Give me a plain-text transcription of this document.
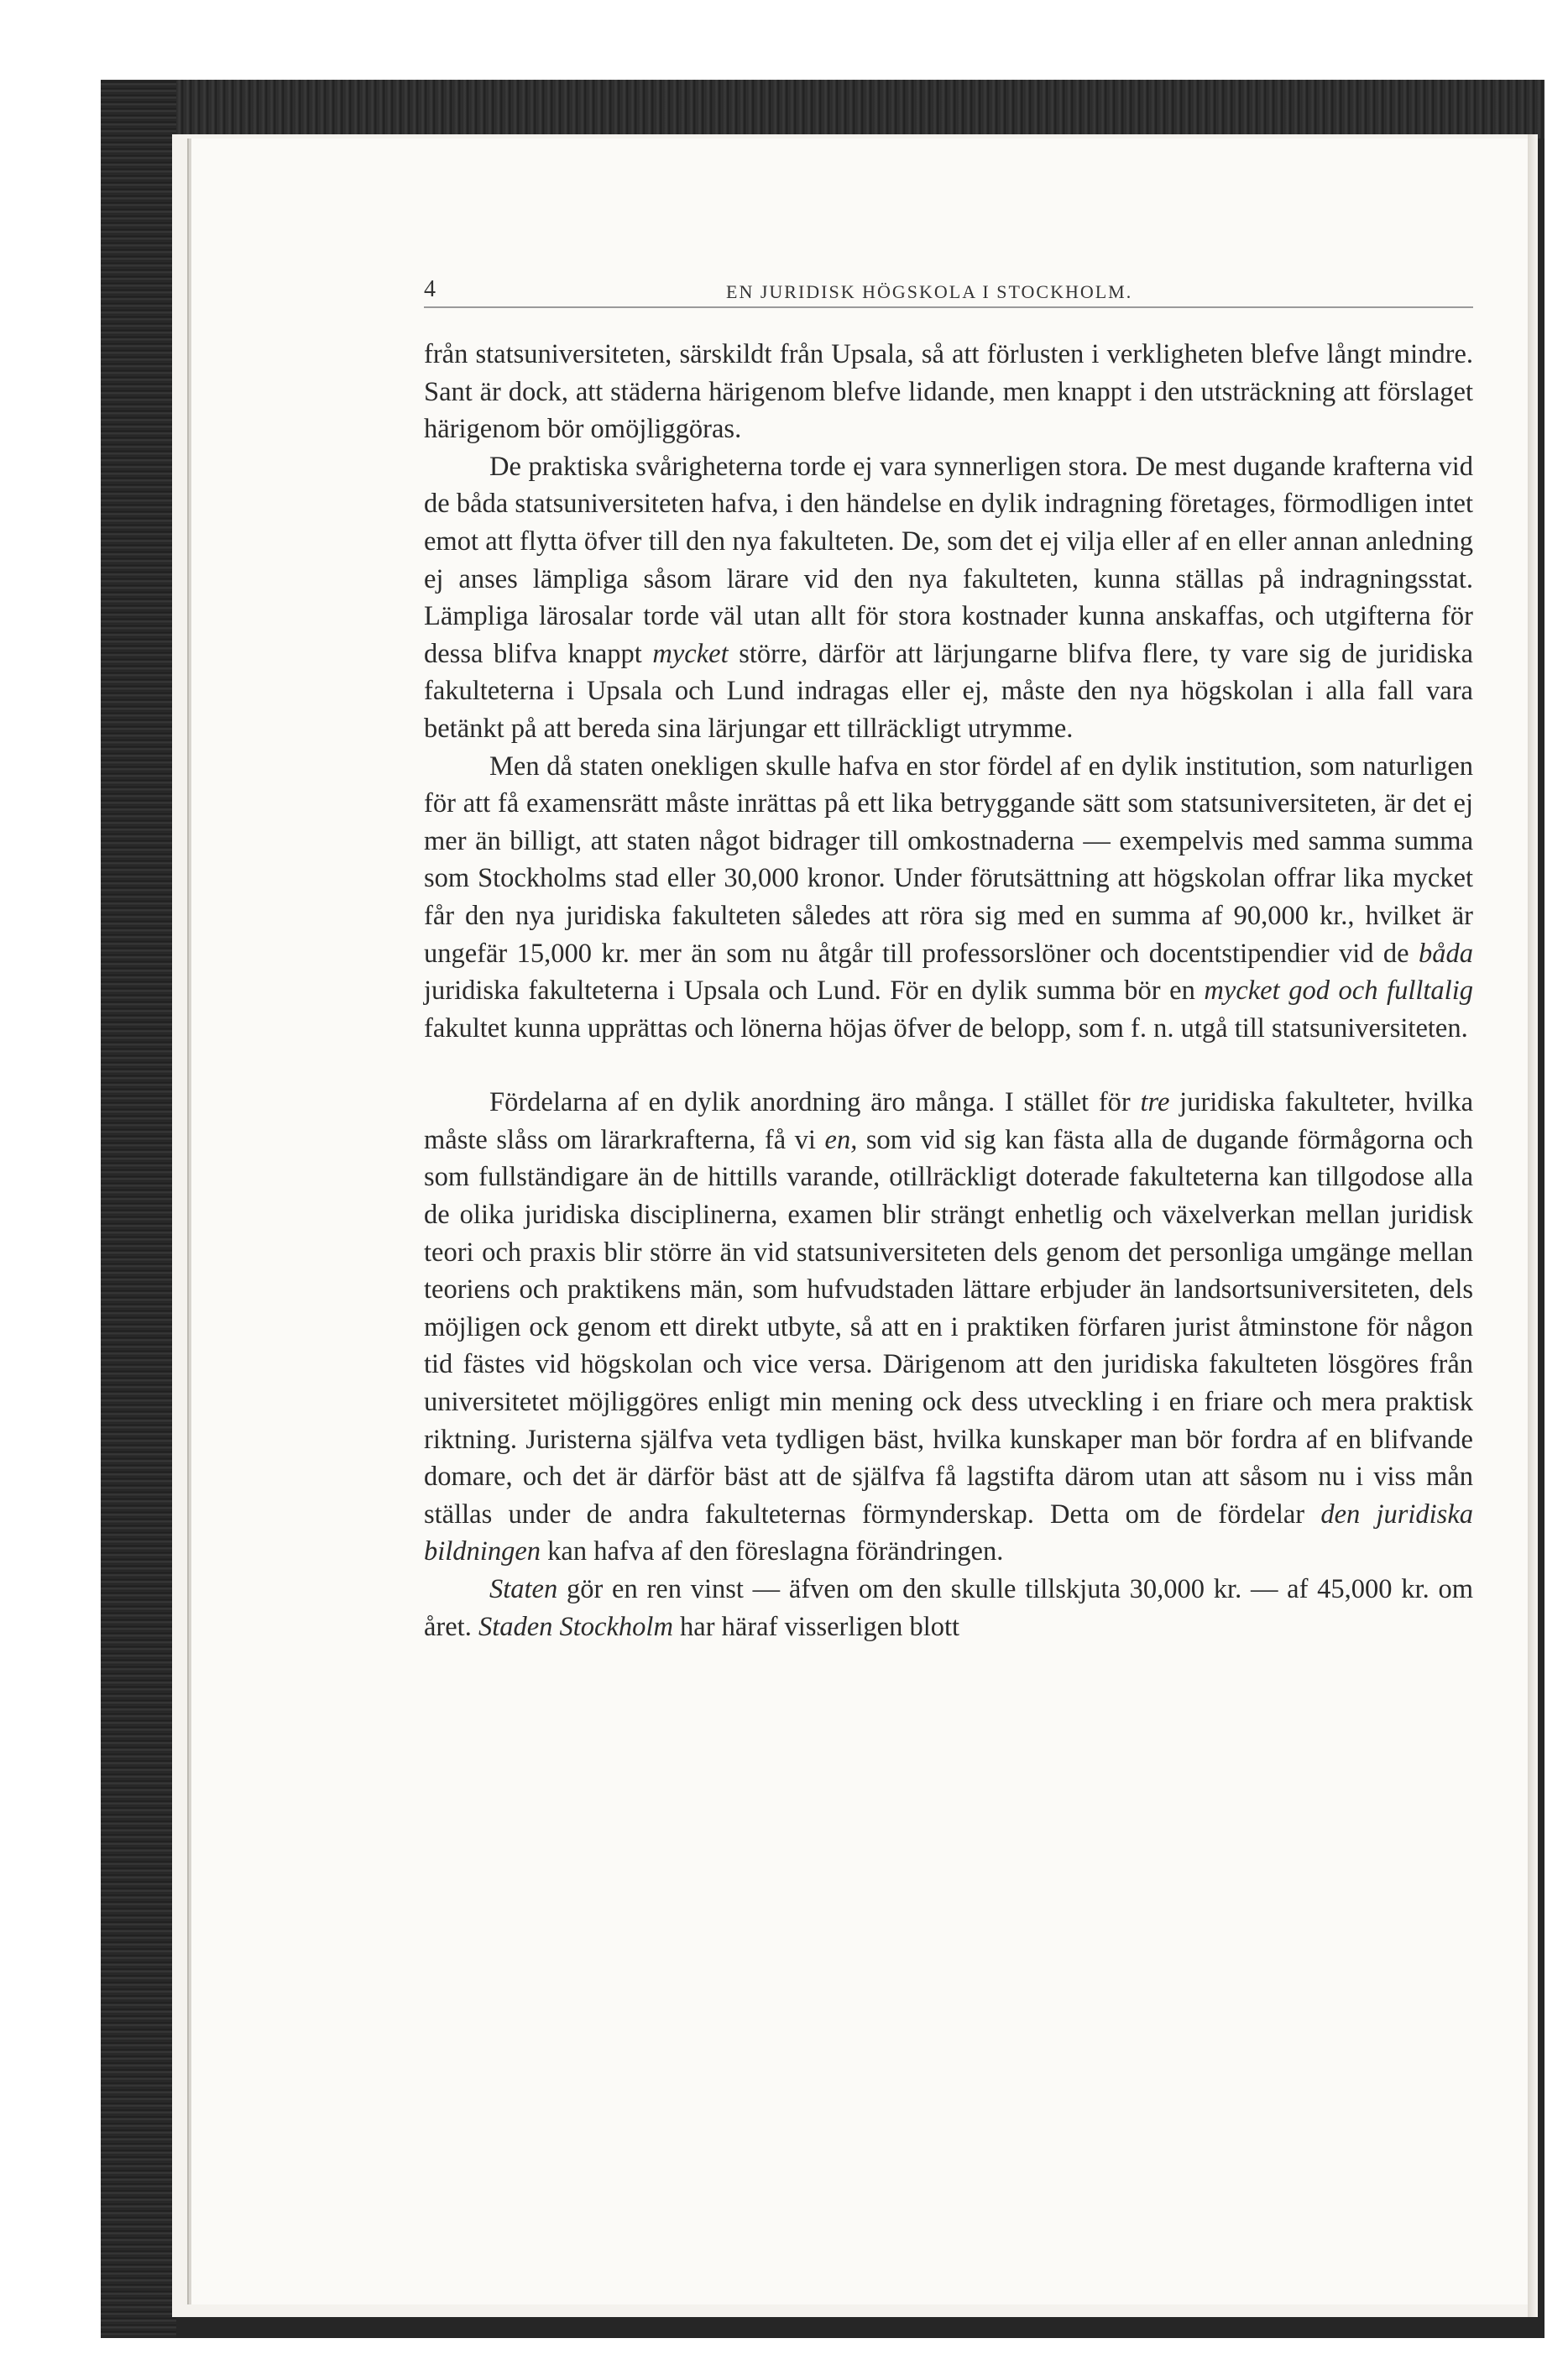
4	EN JURIDISK HÖGSKOLA I STOCKHOLM.

från statsuniversiteten, särskildt från Upsala, så att förlusten i verkligheten blefve långt mindre. Sant är dock, att städerna härigenom blefve lidande, men knappt i den utsträckning att förslaget härigenom bör omöjliggöras.

De praktiska svårigheterna torde ej vara synnerligen stora. De mest dugande krafterna vid de båda statsuniversiteten hafva, i den händelse en dylik indragning företages, förmodligen intet emot att flytta öfver till den nya fakulteten. De, som det ej vilja eller af en eller annan anledning ej anses lämpliga såsom lärare vid den nya fakulteten, kunna ställas på indragningsstat. Lämpliga lärosalar torde väl utan allt för stora kostnader kunna anskaffas, och utgifterna för dessa blifva knappt mycket större, därför att lärjungarne blifva flere, ty vare sig de juridiska fakulteterna i Upsala och Lund indragas eller ej, måste den nya högskolan i alla fall vara betänkt på att bereda sina lärjungar ett tillräckligt utrymme.

Men då staten onekligen skulle hafva en stor fördel af en dylik institution, som naturligen för att få examensrätt måste inrättas på ett lika betryggande sätt som statsuniversiteten, är det ej mer än billigt, att staten något bidrager till omkostnaderna — exempelvis med samma summa som Stockholms stad eller 30,000 kronor. Under förutsättning att högskolan offrar lika mycket får den nya juridiska fakulteten således att röra sig med en summa af 90,000 kr., hvilket är ungefär 15,000 kr. mer än som nu åtgår till professorslöner och docentstipendier vid de båda juridiska fakulteterna i Upsala och Lund. För en dylik summa bör en mycket god och fulltalig fakultet kunna upprättas och lönerna höjas öfver de belopp, som f. n. utgå till statsuniversiteten.

Fördelarna af en dylik anordning äro många. I stället för tre juridiska fakulteter, hvilka måste slåss om lärarkrafterna, få vi en, som vid sig kan fästa alla de dugande förmågorna och som fullständigare än de hittills varande, otillräckligt doterade fakulteterna kan tillgodose alla de olika juridiska disciplinerna, examen blir strängt enhetlig och växelverkan mellan juridisk teori och praxis blir större än vid statsuniversiteten dels genom det personliga umgänge mellan teoriens och praktikens män, som hufvudstaden lättare erbjuder än landsortsuniversiteten, dels möjligen ock genom ett direkt utbyte, så att en i praktiken förfaren jurist åtminstone för någon tid fästes vid högskolan och vice versa. Därigenom att den juridiska fakulteten lösgöres från universitetet möjliggöres enligt min mening ock dess utveckling i en friare och mera praktisk riktning. Juristerna själfva veta tydligen bäst, hvilka kunskaper man bör fordra af en blifvande domare, och det är därför bäst att de själfva få lagstifta därom utan att såsom nu i viss mån ställas under de andra fakulteternas förmynderskap. Detta om de fördelar den juridiska bildningen kan hafva af den föreslagna förändringen.

Staten gör en ren vinst — äfven om den skulle tillskjuta 30,000 kr. — af 45,000 kr. om året. Staden Stockholm har häraf visserligen blott
